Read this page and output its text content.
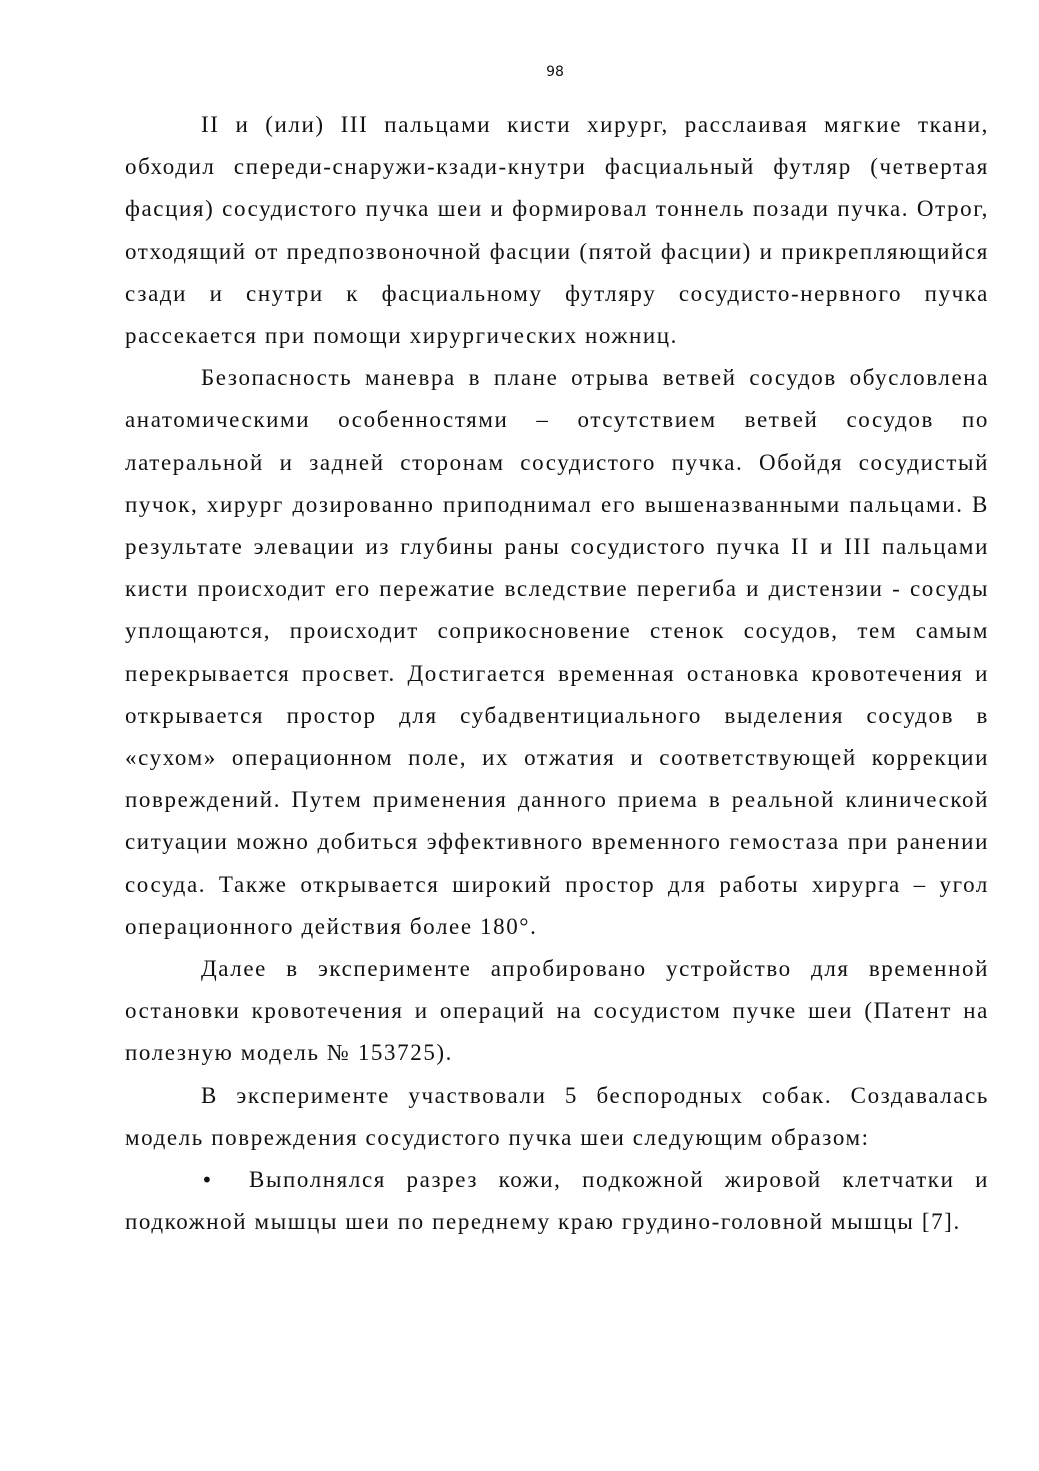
98

II и (или) III пальцами кисти хирург, расслаивая мягкие ткани, обходил спереди-снаружи-кзади-кнутри фасциальный футляр (четвертая фасция) сосудистого пучка шеи и формировал тоннель позади пучка. Отрог, отходящий от предпозвоночной фасции (пятой фасции) и прикрепляющийся сзади и снутри к фасциальному футляру сосудисто-нервного пучка рассекается при помощи хирургических ножниц.

Безопасность маневра в плане отрыва ветвей сосудов обусловлена анатомическими особенностями – отсутствием ветвей сосудов по латеральной и задней сторонам сосудистого пучка. Обойдя сосудистый пучок, хирург дозированно приподнимал его вышеназванными пальцами. В результате элевации из глубины раны сосудистого пучка II и III пальцами кисти происходит его пережатие вследствие перегиба и дистензии - сосуды уплощаются, происходит соприкосновение стенок сосудов, тем самым перекрывается просвет. Достигается временная остановка кровотечения и открывается простор для субадвентициального выделения сосудов в «сухом» операционном поле, их отжатия и соответствующей коррекции повреждений. Путем применения данного приема в реальной клинической ситуации можно добиться эффективного временного гемостаза при ранении сосуда. Также открывается широкий простор для работы хирурга – угол операционного действия более 180°.

Далее в эксперименте апробировано устройство для временной остановки кровотечения и операций на сосудистом пучке шеи (Патент на полезную модель № 153725).

В эксперименте участвовали 5 беспородных собак. Создавалась модель повреждения сосудистого пучка шеи следующим образом:

• Выполнялся разрез кожи, подкожной жировой клетчатки и подкожной мышцы шеи по переднему краю грудино-головной мышцы [7].
